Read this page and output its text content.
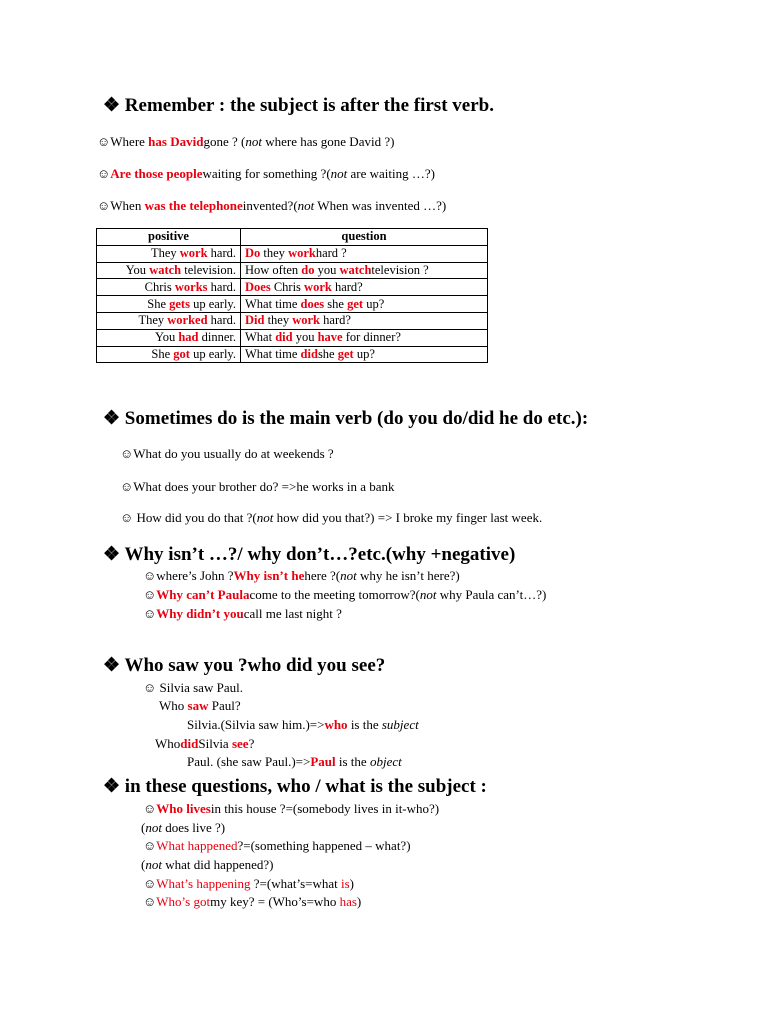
❖ Remember : the subject is after the first verb.
☺Where has Davidgone ? (not where has gone David ?)
☺Are those peoplewaiting for something ?(not are waiting …?)
☺When was the telephoneinvented?(not When was invented …?)
positive	question
They work hard.	Do they workhard ?
You watch television.	How often do you watchtelevision ?
Chris works hard.	Does Chris work hard?
She gets up early.	What time does she get up?
They worked hard.	Did they work hard?
You had dinner.	What did you have for dinner?
She got up early.	What time didshe get up?
❖ Sometimes do is the main verb (do you do/did he do etc.):
☺What do you usually do at weekends ?
☺What does your brother do? =>he works in a bank
☺ How did you do that ?(not how did you that?) => I broke my finger last week.
❖ Why isn’t …?/ why don’t…?etc.(why +negative)
☺where’s John ?Why isn’t hehere ?(not why he isn’t here?)
☺Why can’t Paulacome to the meeting tomorrow?(not why Paula can’t…?)
☺Why didn’t youcall me last night ?
❖ Who saw you ?who did you see?
☺ Silvia saw Paul.
Who saw Paul?
Silvia.(Silvia saw him.)=>who is the subject
WhodidSilvia see?
Paul. (she saw Paul.)=>Paul is the object
❖ in these questions, who / what is the subject :
☺Who livesin this house ?=(somebody lives in it-who?)
(not does live ?)
☺What happened?=(something happened – what?)
(not what did happened?)
☺What’s happening ?=(what’s=what is)
☺Who’s gotmy key? = (Who’s=who has)
